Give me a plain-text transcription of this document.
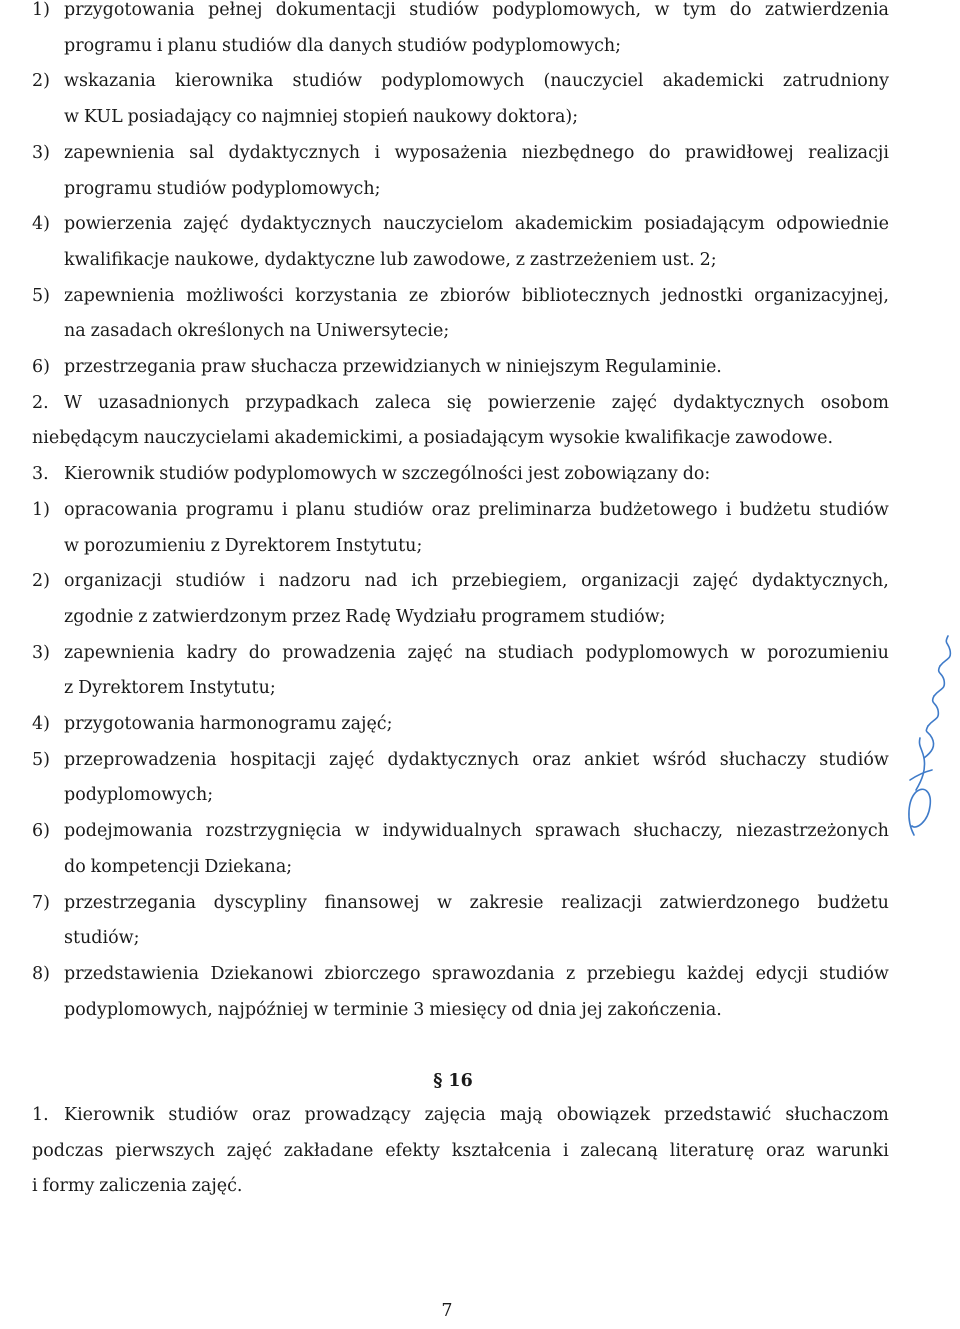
1) przygotowania pełnej dokumentacji studiów podyplomowych, w tym do zatwierdzenia
programu i planu studiów dla danych studiów podyplomowych;
2) wskazania kierownika studiów podyplomowych (nauczyciel akademicki zatrudniony
w KUL posiadający co najmniej stopień naukowy doktora);
3) zapewnienia sal dydaktycznych i wyposażenia niezbędnego do prawidłowej realizacji
programu studiów podyplomowych;
4) powierzenia zajęć dydaktycznych nauczycielom akademickim posiadającym odpowiednie
kwalifikacje naukowe, dydaktyczne lub zawodowe, z zastrzeżeniem ust. 2;
5) zapewnienia możliwości korzystania ze zbiorów bibliotecznych jednostki organizacyjnej,
na zasadach określonych na Uniwersytecie;
6) przestrzegania praw słuchacza przewidzianych w niniejszym Regulaminie.
2. W uzasadnionych przypadkach zaleca się powierzenie zajęć dydaktycznych osobom
niebędącym nauczycielami akademickimi, a posiadającym wysokie kwalifikacje zawodowe.
3. Kierownik studiów podyplomowych w szczególności jest zobowiązany do:
1) opracowania programu i planu studiów oraz preliminarza budżetowego i budżetu studiów
w porozumieniu z Dyrektorem Instytutu;
2) organizacji studiów i nadzoru nad ich przebiegiem, organizacji zajęć dydaktycznych,
zgodnie z zatwierdzonym przez Radę Wydziału programem studiów;
3) zapewnienia kadry do prowadzenia zajęć na studiach podyplomowych w porozumieniu
z Dyrektorem Instytutu;
4) przygotowania harmonogramu zajęć;
5) przeprowadzenia hospitacji zajęć dydaktycznych oraz ankiet wśród słuchaczy studiów
podyplomowych;
6) podejmowania rozstrzygnięcia w indywidualnych sprawach słuchaczy, niezastrzeżonych
do kompetencji Dziekana;
7) przestrzegania dyscypliny finansowej w zakresie realizacji zatwierdzonego budżetu
studiów;
8) przedstawienia Dziekanowi zbiorczego sprawozdania z przebiegu każdej edycji studiów
podyplomowych, najpóźniej w terminie 3 miesięcy od dnia jej zakończenia.
§ 16
1. Kierownik studiów oraz prowadzący zajęcia mają obowiązek przedstawić słuchaczom
podczas pierwszych zajęć zakładane efekty kształcenia i zalecaną literaturę oraz warunki
i formy zaliczenia zajęć.
7
